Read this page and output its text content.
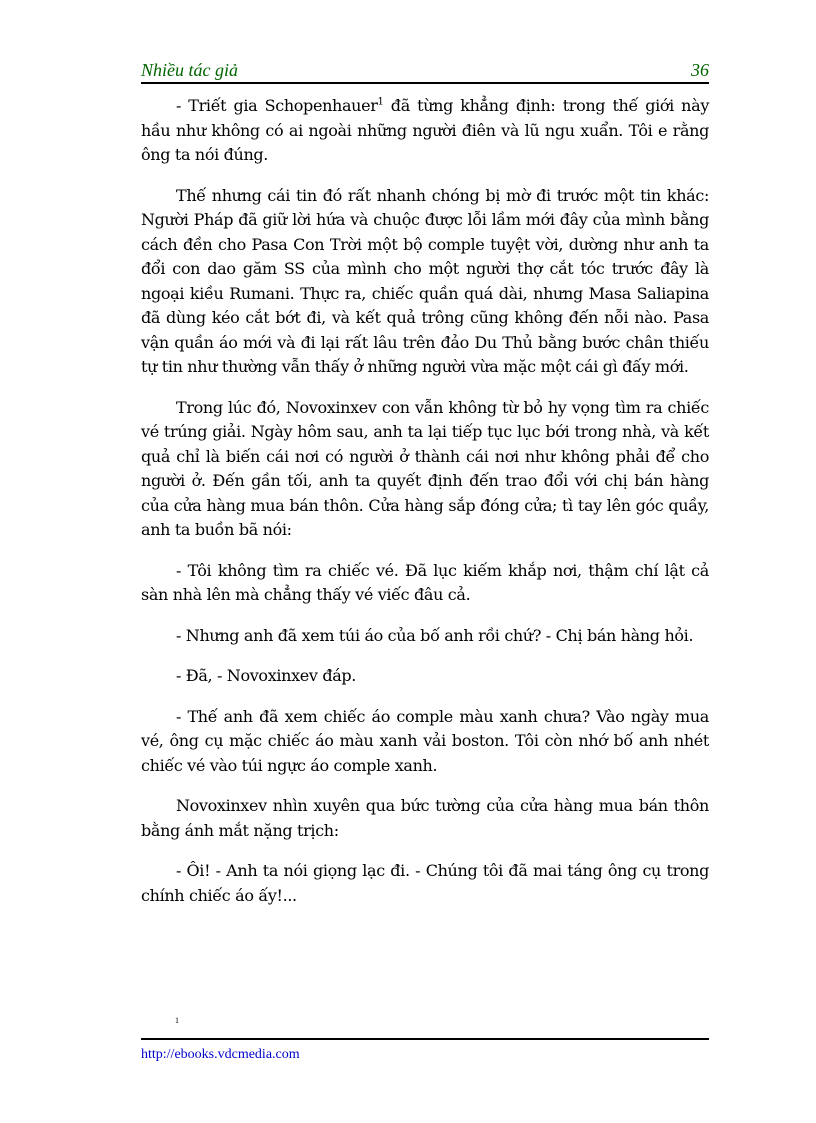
Nhiều tác giả	36

- Triết gia Schopenhauer$^1$ đã từng khẳng định: trong thế giới này hầu như không có ai ngoài những người điên và lũ ngu xuẩn. Tôi e rằng ông ta nói đúng.

Thế nhưng cái tin đó rất nhanh chóng bị mờ đi trước một tin khác: Người Pháp đã giữ lời hứa và chuộc được lỗi lầm mới đây của mình bằng cách đền cho Pasa Con Trời một bộ comple tuyệt vời, dường như anh ta đổi con dao găm SS của mình cho một người thợ cắt tóc trước đây là ngoại kiều Rumani. Thực ra, chiếc quần quá dài, nhưng Masa Saliapina đã dùng kéo cắt bớt đi, và kết quả trông cũng không đến nỗi nào. Pasa vận quần áo mới và đi lại rất lâu trên đảo Du Thủ bằng bước chân thiếu tự tin như thường vẫn thấy ở những người vừa mặc một cái gì đấy mới.

Trong lúc đó, Novoxinxev con vẫn không từ bỏ hy vọng tìm ra chiếc vé trúng giải. Ngày hôm sau, anh ta lại tiếp tục lục bới trong nhà, và kết quả chỉ là biến cái nơi có người ở thành cái nơi như không phải để cho người ở. Đến gần tối, anh ta quyết định đến trao đổi với chị bán hàng của cửa hàng mua bán thôn. Cửa hàng sắp đóng cửa; tì tay lên góc quầy, anh ta buồn bã nói:

- Tôi không tìm ra chiếc vé. Đã lục kiếm khắp nơi, thậm chí lật cả sàn nhà lên mà chẳng thấy vé viếc đâu cả.

- Nhưng anh đã xem túi áo của bố anh rồi chứ? - Chị bán hàng hỏi.

- Đã, - Novoxinxev đáp.

- Thế anh đã xem chiếc áo comple màu xanh chưa? Vào ngày mua vé, ông cụ mặc chiếc áo màu xanh vải boston. Tôi còn nhớ bố anh nhét chiếc vé vào túi ngực áo comple xanh.

Novoxinxev nhìn xuyên qua bức tường của cửa hàng mua bán thôn bằng ánh mắt nặng trịch:

- Ôi! - Anh ta nói giọng lạc đi. - Chúng tôi đã mai táng ông cụ trong chính chiếc áo ấy!...

1
http://ebooks.vdcmedia.com
